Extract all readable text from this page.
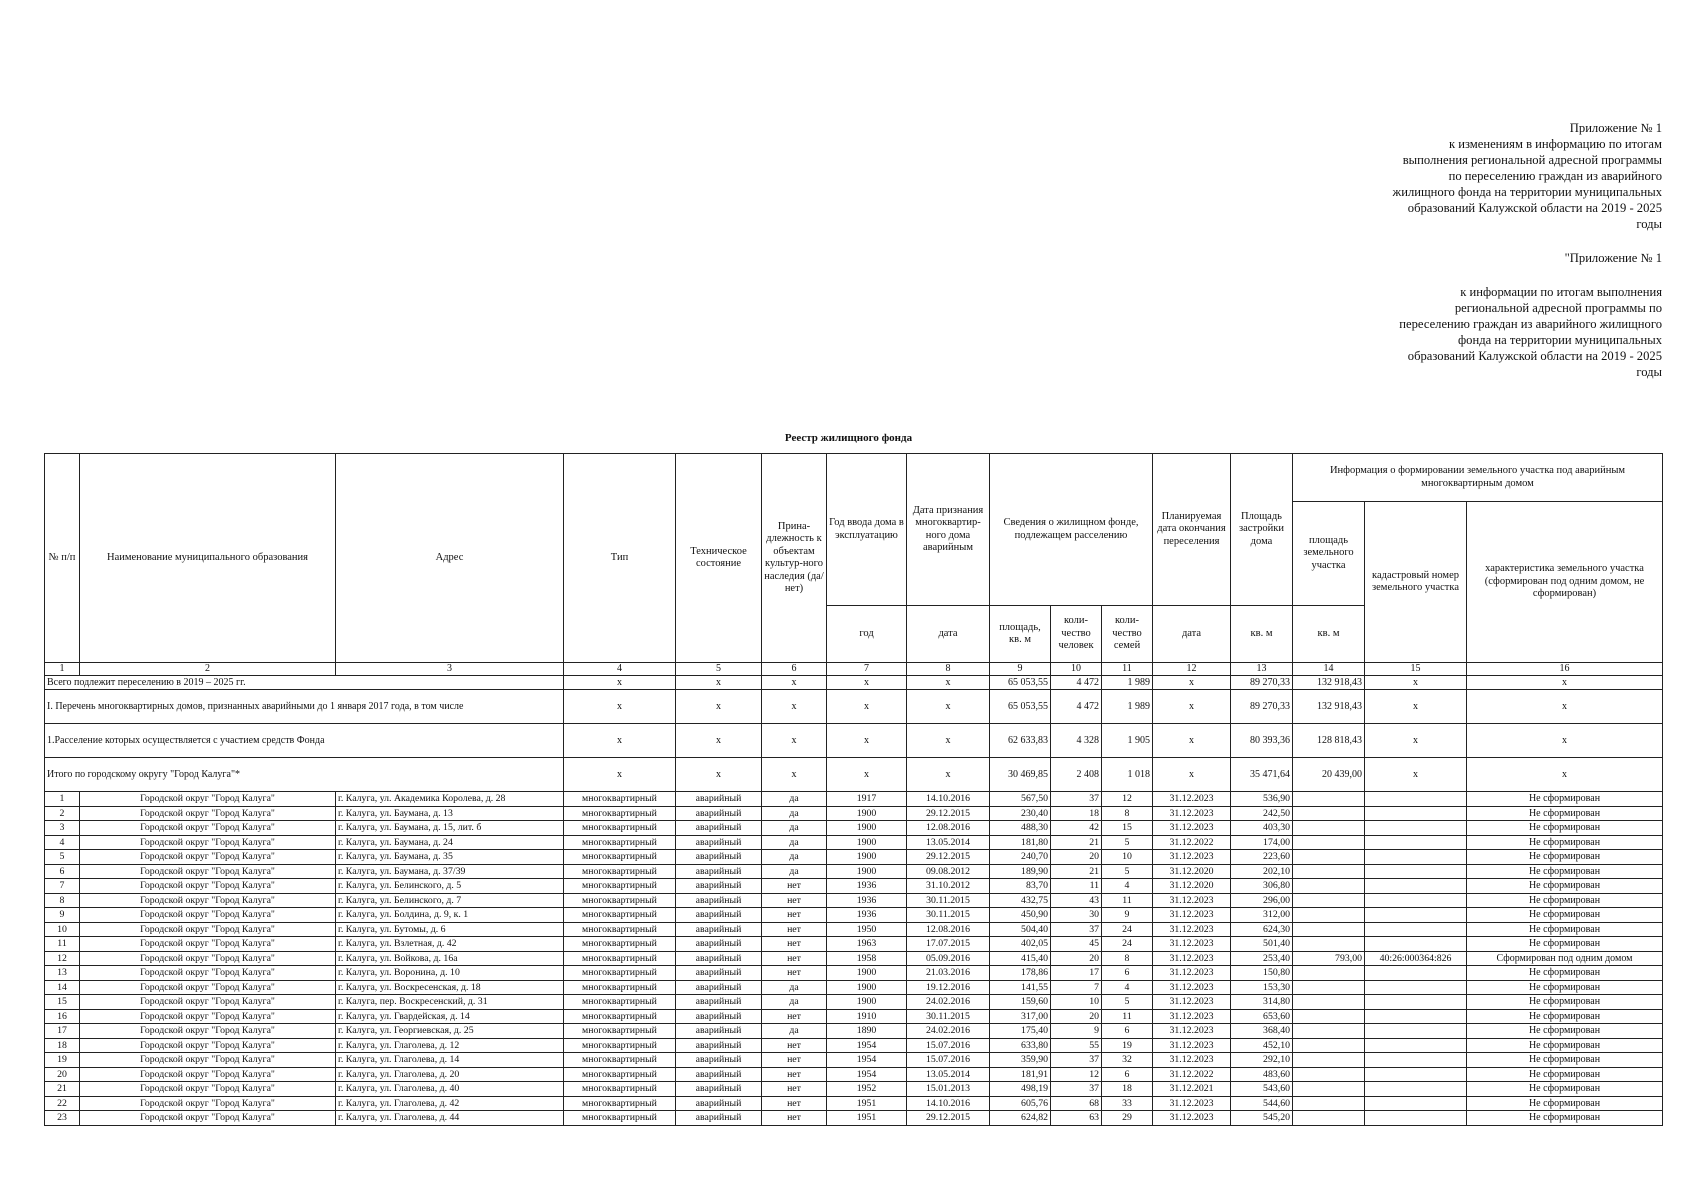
Приложение № 1
к изменениям в информацию по итогам
выполнения региональной адресной программы
по переселению граждан из аварийного
жилищного фонда на территории муниципальных
образований Калужской области на 2019 - 2025
годы
"Приложение № 1
к информации по итогам выполнения
региональной адресной программы по
переселению граждан из аварийного жилищного
фонда на территории муниципальных
образований Калужской области на 2019 - 2025
годы
Реестр жилищного фонда
№ п/п	Наименование муниципального образования	Адрес	Тип	Техническое состояние	Прина-длежность к объектам культур-ного наследия (да/нет)	Год ввода дома в эксплуатацию	Дата признания многоквартир-ного дома аварийным	Сведения о жилищном фонде, подлежащем расселению			Планируемая дата окончания переселения	Площадь застройки дома	Информация о формировании земельного участка под аварийным многоквартирным домом		
													площадь земельного участка	кадастровый номер земельного участка	характеристика земельного участка (сформирован под одним домом, не сформирован)
						год	дата	площадь, кв. м	коли-чество человек	коли-чество семей	дата	кв. м	кв. м		
1	2	3	4	5	6	7	8	9	10	11	12	13	14	15	16
Всего подлежит переселению в 2019 – 2025 гг.			x	x	x	x	x	65 053,55	4 472	1 989	x	89 270,33	132 918,43	x	x
I. Перечень многоквартирных домов, признанных аварийными до 1 января 2017 года, в том числе			x	x	x	x	x	65 053,55	4 472	1 989	x	89 270,33	132 918,43	x	x
1.Расселение которых осуществляется с участием средств Фонда			x	x	x	x	x	62 633,83	4 328	1 905	x	80 393,36	128 818,43	x	x
Итого по городскому округу "Город Калуга"*			x	x	x	x	x	30 469,85	2 408	1 018	x	35 471,64	20 439,00	x	x
1	Городской округ "Город Калуга"	г. Калуга, ул. Академика Королева, д. 28	многоквартирный	аварийный	да	1917	14.10.2016	567,50	37	12	31.12.2023	536,90			Не сформирован
2	Городской округ "Город Калуга"	г. Калуга, ул. Баумана, д. 13	многоквартирный	аварийный	да	1900	29.12.2015	230,40	18	8	31.12.2023	242,50			Не сформирован
3	Городской округ "Город Калуга"	г. Калуга, ул. Баумана, д. 15, лит. б	многоквартирный	аварийный	да	1900	12.08.2016	488,30	42	15	31.12.2023	403,30			Не сформирован
4	Городской округ "Город Калуга"	г. Калуга, ул. Баумана, д. 24	многоквартирный	аварийный	да	1900	13.05.2014	181,80	21	5	31.12.2022	174,00			Не сформирован
5	Городской округ "Город Калуга"	г. Калуга, ул. Баумана, д. 35	многоквартирный	аварийный	да	1900	29.12.2015	240,70	20	10	31.12.2023	223,60			Не сформирован
6	Городской округ "Город Калуга"	г. Калуга, ул. Баумана, д. 37/39	многоквартирный	аварийный	да	1900	09.08.2012	189,90	21	5	31.12.2020	202,10			Не сформирован
7	Городской округ "Город Калуга"	г. Калуга, ул. Белинского, д. 5	многоквартирный	аварийный	нет	1936	31.10.2012	83,70	11	4	31.12.2020	306,80			Не сформирован
8	Городской округ "Город Калуга"	г. Калуга, ул. Белинского, д. 7	многоквартирный	аварийный	нет	1936	30.11.2015	432,75	43	11	31.12.2023	296,00			Не сформирован
9	Городской округ "Город Калуга"	г. Калуга, ул. Болдина, д. 9, к. 1	многоквартирный	аварийный	нет	1936	30.11.2015	450,90	30	9	31.12.2023	312,00			Не сформирован
10	Городской округ "Город Калуга"	г. Калуга, ул. Бутомы, д. 6	многоквартирный	аварийный	нет	1950	12.08.2016	504,40	37	24	31.12.2023	624,30			Не сформирован
11	Городской округ "Город Калуга"	г. Калуга, ул. Взлетная, д. 42	многоквартирный	аварийный	нет	1963	17.07.2015	402,05	45	24	31.12.2023	501,40			Не сформирован
12	Городской округ "Город Калуга"	г. Калуга, ул. Войкова, д. 16а	многоквартирный	аварийный	нет	1958	05.09.2016	415,40	20	8	31.12.2023	253,40	793,00	40:26:000364:826	Сформирован под одним домом
13	Городской округ "Город Калуга"	г. Калуга, ул. Воронина, д. 10	многоквартирный	аварийный	нет	1900	21.03.2016	178,86	17	6	31.12.2023	150,80			Не сформирован
14	Городской округ "Город Калуга"	г. Калуга, ул. Воскресенская, д. 18	многоквартирный	аварийный	да	1900	19.12.2016	141,55	7	4	31.12.2023	153,30			Не сформирован
15	Городской округ "Город Калуга"	г. Калуга, пер. Воскресенский, д. 31	многоквартирный	аварийный	да	1900	24.02.2016	159,60	10	5	31.12.2023	314,80			Не сформирован
16	Городской округ "Город Калуга"	г. Калуга, ул. Гвардейская, д. 14	многоквартирный	аварийный	нет	1910	30.11.2015	317,00	20	11	31.12.2023	653,60			Не сформирован
17	Городской округ "Город Калуга"	г. Калуга, ул. Георгиевская, д. 25	многоквартирный	аварийный	да	1890	24.02.2016	175,40	9	6	31.12.2023	368,40			Не сформирован
18	Городской округ "Город Калуга"	г. Калуга, ул. Глаголева, д. 12	многоквартирный	аварийный	нет	1954	15.07.2016	633,80	55	19	31.12.2023	452,10			Не сформирован
19	Городской округ "Город Калуга"	г. Калуга, ул. Глаголева, д. 14	многоквартирный	аварийный	нет	1954	15.07.2016	359,90	37	32	31.12.2023	292,10			Не сформирован
20	Городской округ "Город Калуга"	г. Калуга, ул. Глаголева, д. 20	многоквартирный	аварийный	нет	1954	13.05.2014	181,91	12	6	31.12.2022	483,60			Не сформирован
21	Городской округ "Город Калуга"	г. Калуга, ул. Глаголева, д. 40	многоквартирный	аварийный	нет	1952	15.01.2013	498,19	37	18	31.12.2021	543,60			Не сформирован
22	Городской округ "Город Калуга"	г. Калуга, ул. Глаголева, д. 42	многоквартирный	аварийный	нет	1951	14.10.2016	605,76	68	33	31.12.2023	544,60			Не сформирован
23	Городской округ "Город Калуга"	г. Калуга, ул. Глаголева, д. 44	многоквартирный	аварийный	нет	1951	29.12.2015	624,82	63	29	31.12.2023	545,20			Не сформирован
